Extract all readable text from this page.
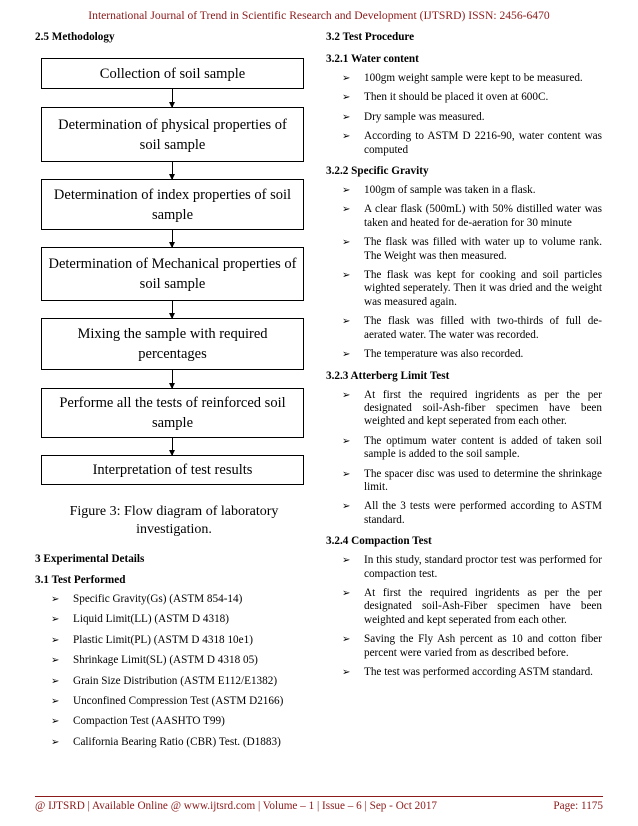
International Journal of Trend in Scientific Research and Development (IJTSRD) ISSN: 2456-6470

2.5 Methodology

Collection of soil sample
Determination of physical properties of soil sample
Determination of index properties of soil sample
Determination of Mechanical properties of soil sample
Mixing the sample with required percentages
Performe all the tests of reinforced soil sample
Interpretation of test results

Figure 3: Flow diagram of laboratory investigation.

3 Experimental Details

3.1 Test Performed

➢ Specific Gravity(Gs) (ASTM 854-14)
➢ Liquid Limit(LL) (ASTM D 4318)
➢ Plastic Limit(PL) (ASTM D 4318 10e1)
➢ Shrinkage Limit(SL) (ASTM D 4318 05)
➢ Grain Size Distribution (ASTM E112/E1382)
➢ Unconfined Compression Test (ASTM D2166)
➢ Compaction Test (AASHTO T99)
➢ California Bearing Ratio (CBR) Test. (D1883)

3.2 Test Procedure

3.2.1 Water content

➢ 100gm weight sample were kept to be measured.
➢ Then it should be placed it oven at 600C.
➢ Dry sample was measured.
➢ According to ASTM D 2216-90, water content was computed

3.2.2 Specific Gravity

➢ 100gm of sample was taken in a flask.
➢ A clear flask (500mL) with 50% distilled water was taken and heated for de-aeration for 30 minute
➢ The flask was filled with water up to volume rank. The Weight was then measured.
➢ The flask was kept for cooking and soil particles wighted seperately. Then it was dried and the weight was measured again.
➢ The flask was filled with two-thirds of full de-aerated water. The water was recorded.
➢ The temperature was also recorded.

3.2.3 Atterberg Limit Test

➢ At first the required ingridents as per the per designated soil-Ash-fiber specimen have been weighted and kept seperated from each other.
➢ The optimum water content is added of taken soil sample is added to the soil sample.
➢ The spacer disc was used to determine the shrinkage limit.
➢ All the 3 tests were performed according to ASTM standard.

3.2.4 Compaction Test

➢ In this study, standard proctor test was performed for compaction test.
➢ At first the required ingridents as per the per designated soil-Ash-Fiber specimen have been weighted and kept seperated from each other.
➢ Saving the Fly Ash percent as 10 and cotton fiber percent were varied from as described before.
➢ The test was performed according ASTM standard.
@ IJTSRD | Available Online @ www.ijtsrd.com | Volume – 1 | Issue – 6 | Sep - Oct 2017	Page: 1175
